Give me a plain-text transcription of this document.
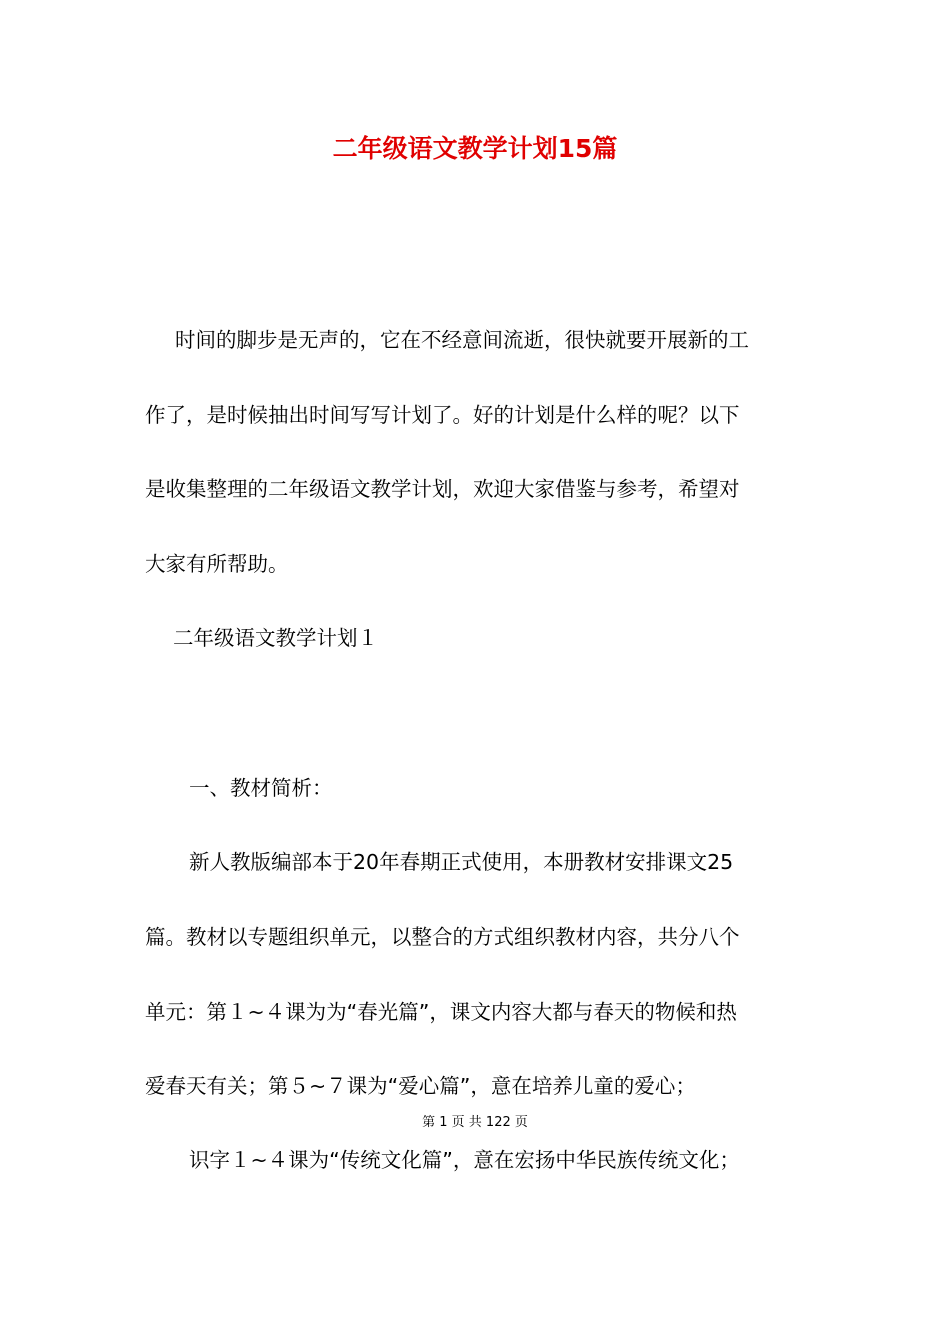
二年级语文教学计划15篇
时间的脚步是无声的，它在不经意间流逝，很快就要开展新的工
作了，是时候抽出时间写写计划了。好的计划是什么样的呢？以下
是收集整理的二年级语文教学计划，欢迎大家借鉴与参考，希望对
大家有所帮助。
二年级语文教学计划１
一、教材简析：
新人教版编部本于20年春期正式使用，本册教材安排课文25
篇。教材以专题组织单元，以整合的方式组织教材内容，共分八个
单元：第１~４课为为“春光篇”，课文内容大都与春天的物候和热
爱春天有关；第５~７课为“爱心篇”，意在培养儿童的爱心；
第 1 页 共 122 页
识字１~４课为“传统文化篇”，意在宏扬中华民族传统文化；
